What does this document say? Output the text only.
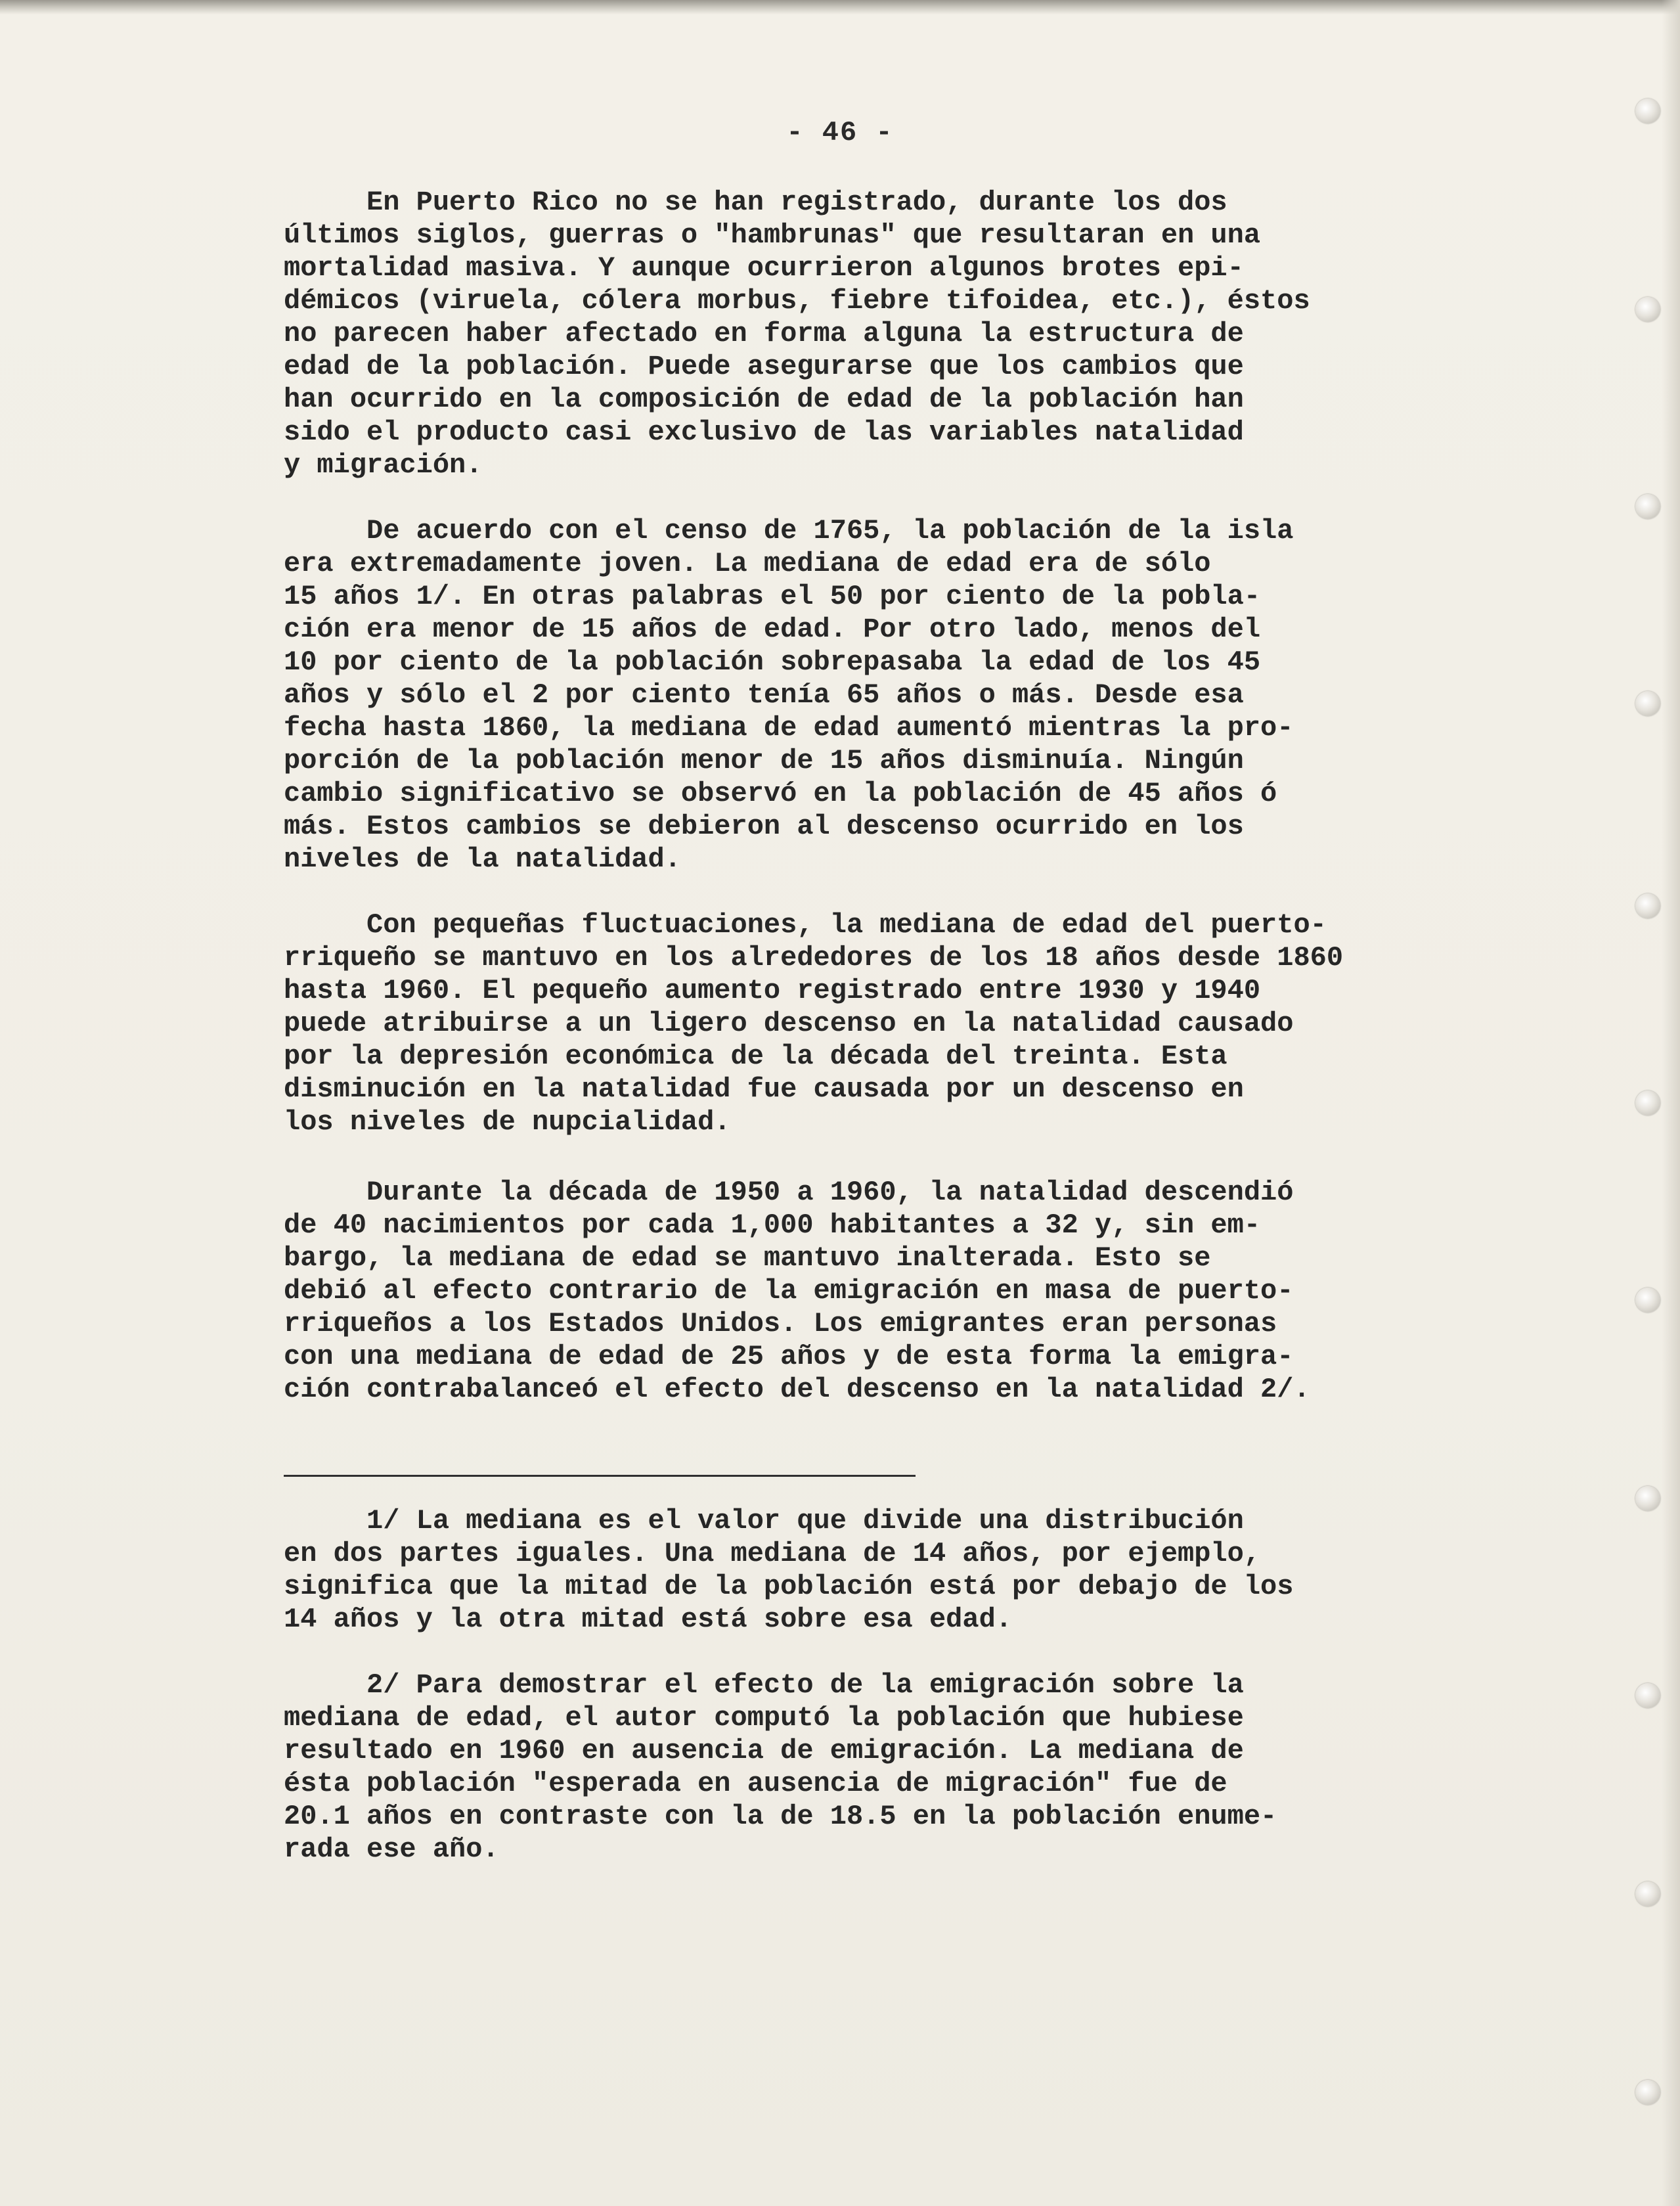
- 46 -

En Puerto Rico no se han registrado, durante los dos
últimos siglos, guerras o "hambrunas" que resultaran en una
mortalidad masiva. Y aunque ocurrieron algunos brotes epi-
démicos (viruela, cólera morbus, fiebre tifoidea, etc.), éstos
no parecen haber afectado en forma alguna la estructura de
edad de la población. Puede asegurarse que los cambios que
han ocurrido en la composición de edad de la población han
sido el producto casi exclusivo de las variables natalidad
y migración.

De acuerdo con el censo de 1765, la población de la isla
era extremadamente joven. La mediana de edad era de sólo
15 años 1/. En otras palabras el 50 por ciento de la pobla-
ción era menor de 15 años de edad. Por otro lado, menos del
10 por ciento de la población sobrepasaba la edad de los 45
años y sólo el 2 por ciento tenía 65 años o más. Desde esa
fecha hasta 1860, la mediana de edad aumentó mientras la pro-
porción de la población menor de 15 años disminuía. Ningún
cambio significativo se observó en la población de 45 años ó
más. Estos cambios se debieron al descenso ocurrido en los
niveles de la natalidad.

Con pequeñas fluctuaciones, la mediana de edad del puerto-
rriqueño se mantuvo en los alrededores de los 18 años desde 1860
hasta 1960. El pequeño aumento registrado entre 1930 y 1940
puede atribuirse a un ligero descenso en la natalidad causado
por la depresión económica de la década del treinta. Esta
disminución en la natalidad fue causada por un descenso en
los niveles de nupcialidad.

Durante la década de 1950 a 1960, la natalidad descendió
de 40 nacimientos por cada 1,000 habitantes a 32 y, sin em-
bargo, la mediana de edad se mantuvo inalterada. Esto se
debió al efecto contrario de la emigración en masa de puerto-
rriqueños a los Estados Unidos. Los emigrantes eran personas
con una mediana de edad de 25 años y de esta forma la emigra-
ción contrabalanceó el efecto del descenso en la natalidad 2/.

1/ La mediana es el valor que divide una distribución
en dos partes iguales. Una mediana de 14 años, por ejemplo,
significa que la mitad de la población está por debajo de los
14 años y la otra mitad está sobre esa edad.

2/ Para demostrar el efecto de la emigración sobre la
mediana de edad, el autor computó la población que hubiese
resultado en 1960 en ausencia de emigración. La mediana de
ésta población "esperada en ausencia de migración" fue de
20.1 años en contraste con la de 18.5 en la población enume-
rada ese año.
